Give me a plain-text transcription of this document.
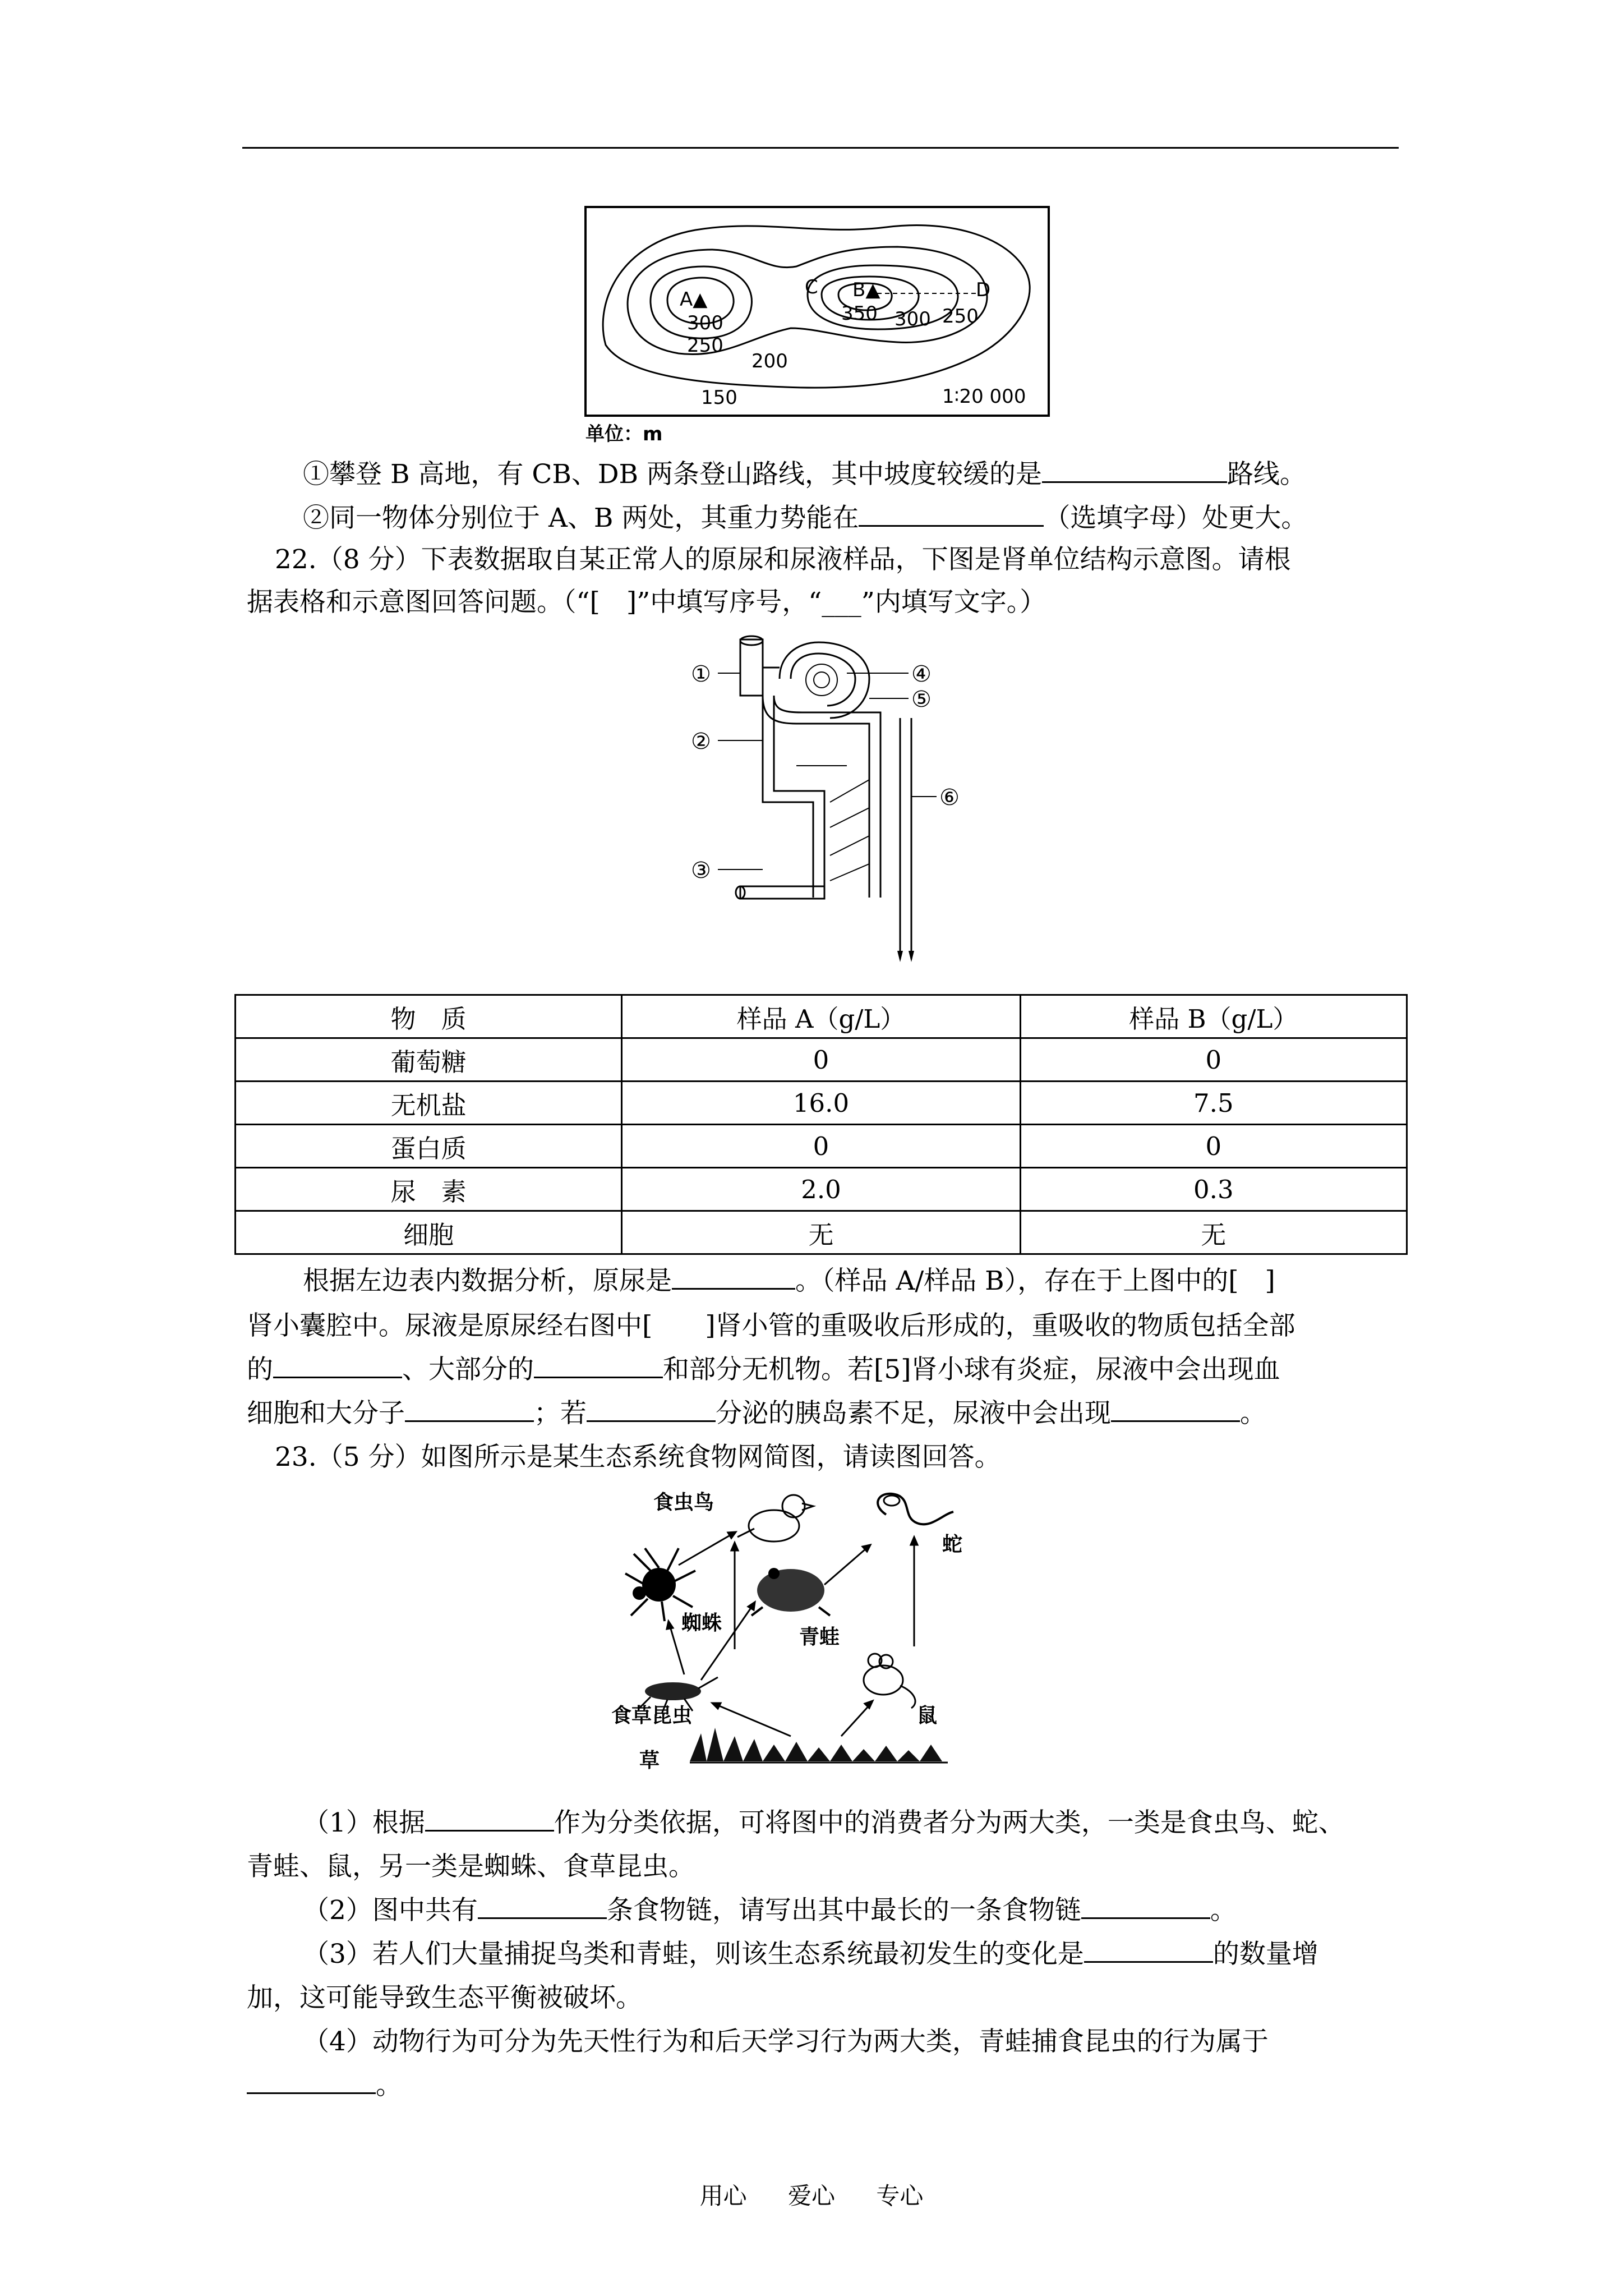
A▲
C B▲	D
300
250
350 300 250
200
150	1∶20 000
单位：m
①攀登 B 高地，有 CB、DB 两条登山路线，其中坡度较缓的是	路线。
②同一物体分别位于 A、B 两处，其重力势能在	（选填字母）处更大。
22.（8 分）下表数据取自某正常人的原尿和尿液样品，下图是肾单位结构示意图。请根
据表格和示意图回答问题。（“[　]”中填写序号，“___”内填写文字。）
①
②
③
④
⑤
⑥
物　质	样品 A（g/L）	样品 B（g/L）
葡萄糖	0	0
无机盐	16.0	7.5
蛋白质	0	0
尿　素	2.0	0.3
细胞	无	无
根据左边表内数据分析，原尿是	。（样品 A/样品 B），存在于上图中的[　]
肾小囊腔中。尿液是原尿经右图中[　　]肾小管的重吸收后形成的，重吸收的物质包括全部
的	、大部分的	和部分无机物。若[5]肾小球有炎症，尿液中会出现血
细胞和大分子	；若	分泌的胰岛素不足，尿液中会出现	。
23.（5 分）如图所示是某生态系统食物网简图，请读图回答。
食虫鸟
蛇
蜘蛛
青蛙
食草昆虫	鼠
草
（1）根据	作为分类依据，可将图中的消费者分为两大类，一类是食虫鸟、蛇、
青蛙、鼠，另一类是蜘蛛、食草昆虫。
（2）图中共有	条食物链，请写出其中最长的一条食物链	。
（3）若人们大量捕捉鸟类和青蛙，则该生态系统最初发生的变化是	的数量增
加，这可能导致生态平衡被破坏。
（4）动物行为可分为先天性行为和后天学习行为两大类，青蛙捕食昆虫的行为属于
。
用心 爱心 专心
